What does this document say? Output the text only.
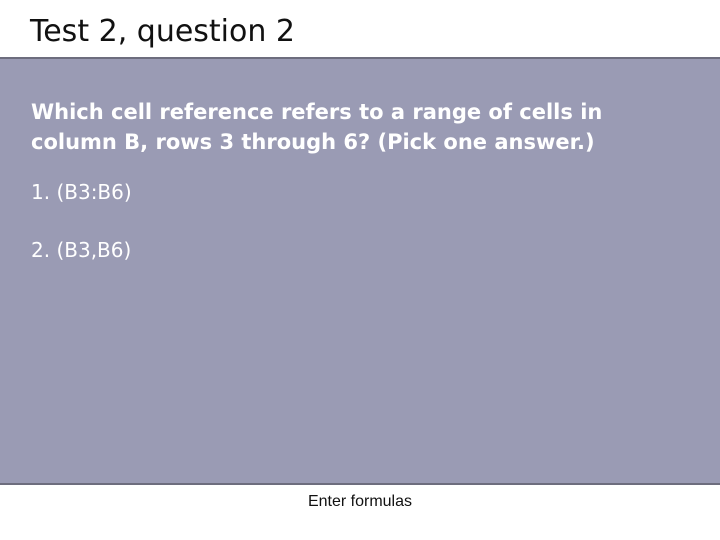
Test 2, question 2
Which cell reference refers to a range of cells in column B, rows 3 through 6? (Pick one answer.)
1. (B3:B6)
2. (B3,B6)
Enter formulas
